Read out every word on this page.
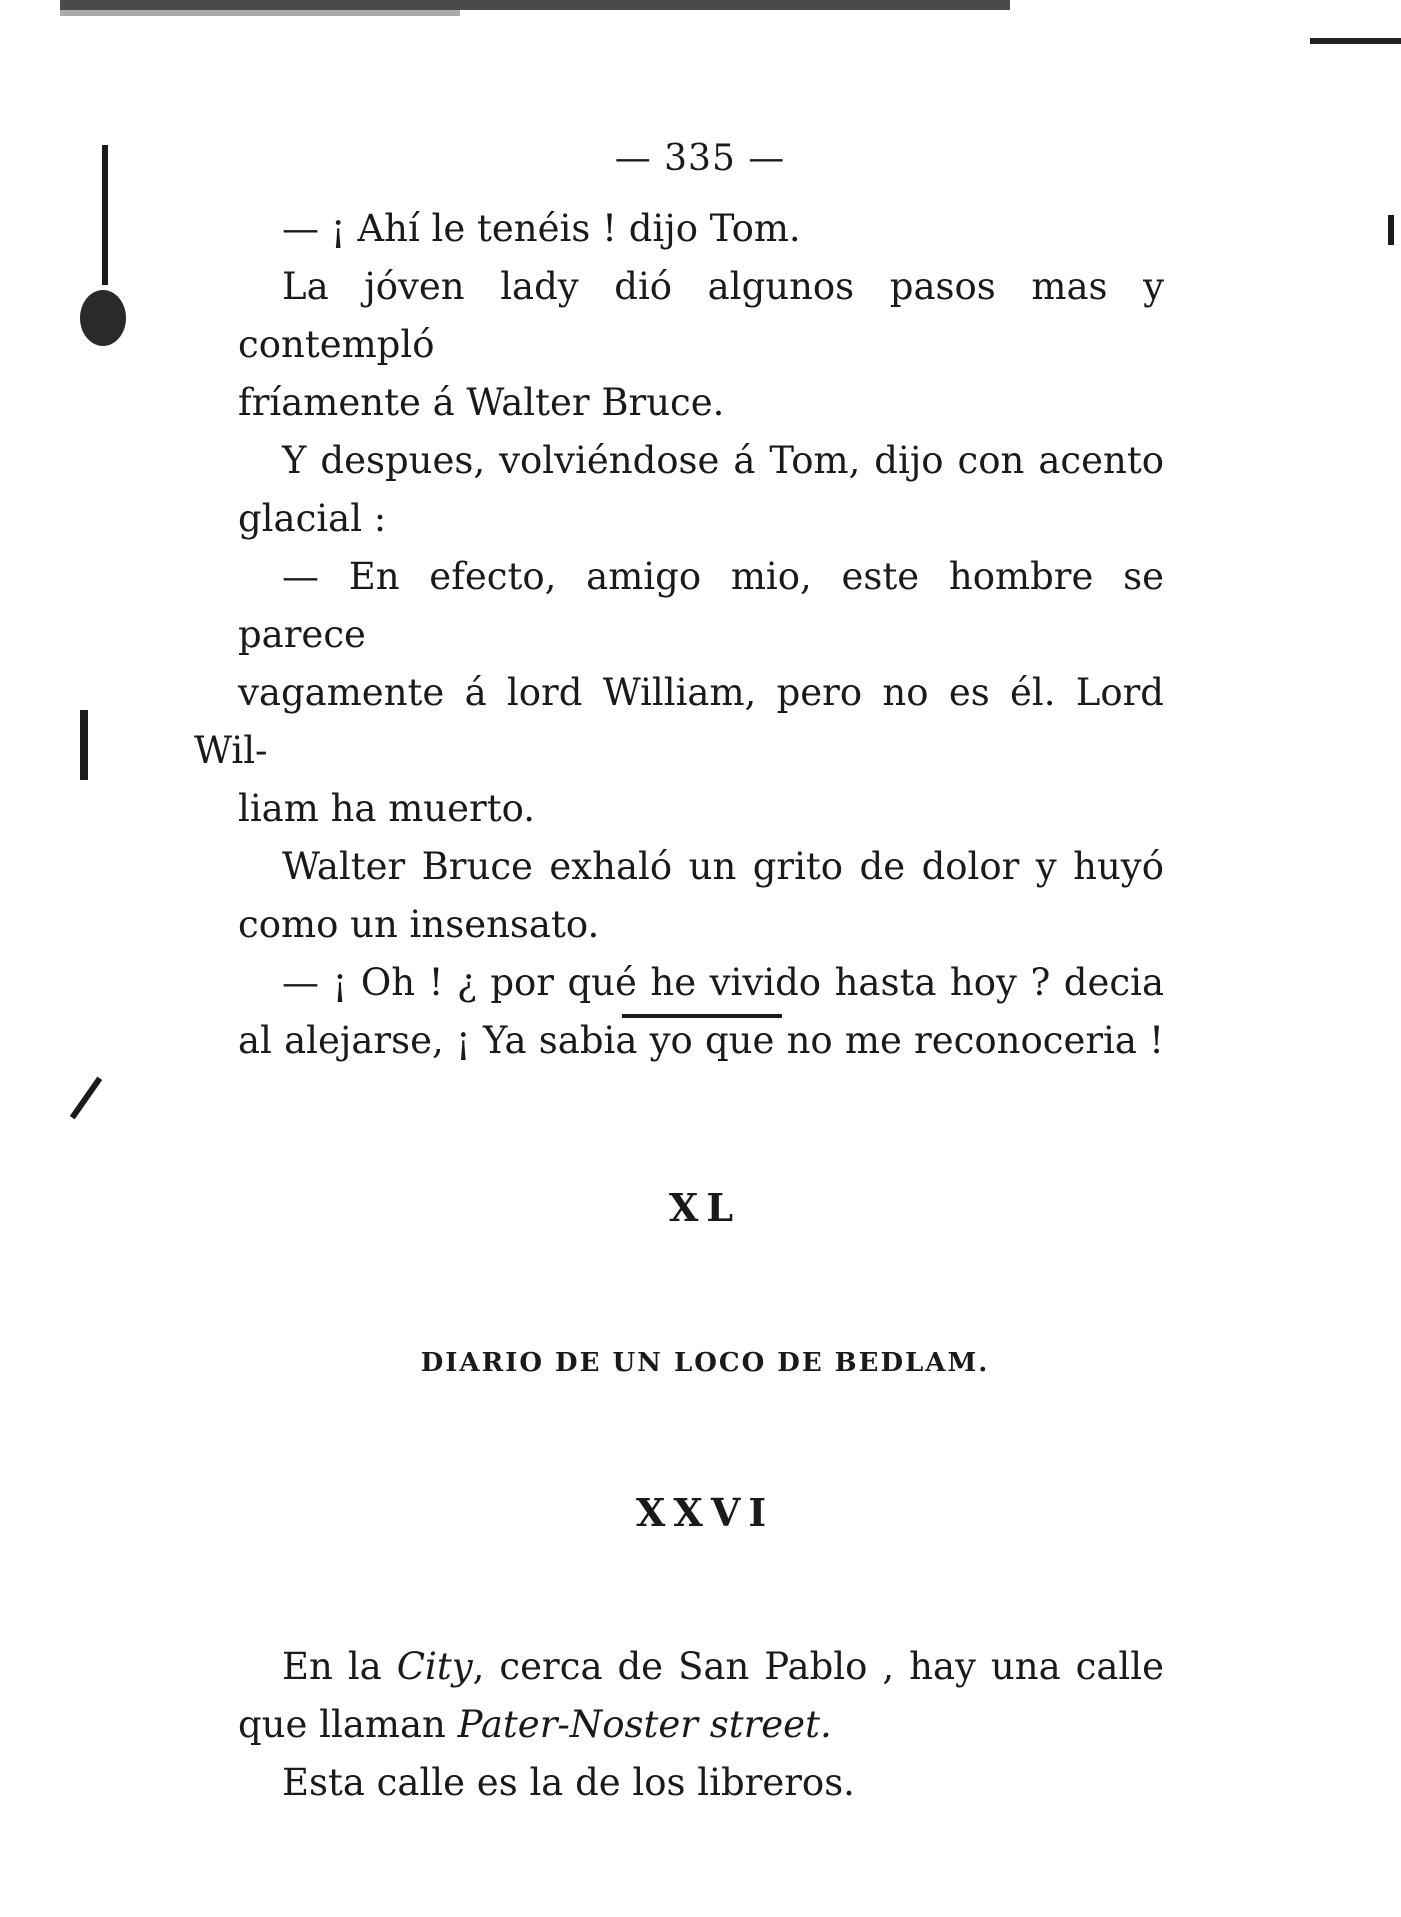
— 335 —

— ¡ Ahí le tenéis ! dijo Tom.

La jóven lady dió algunos pasos mas y contempló
fríamente á Walter Bruce.

Y despues, volviéndose á Tom, dijo con acento
glacial :

— En efecto, amigo mio, este hombre se parece
vagamente á lord William, pero no es él. Lord Wil-
liam ha muerto.

Walter Bruce exhaló un grito de dolor y huyó
como un insensato.

— ¡ Oh ! ¿ por qué he vivido hasta hoy ? decia
al alejarse, ¡ Ya sabia yo que no me reconoceria !

XL
DIARIO DE UN LOCO DE BEDLAM.
XXVI

En la City, cerca de San Pablo , hay una calle
que llaman Pater-Noster street.

Esta calle es la de los libreros.
